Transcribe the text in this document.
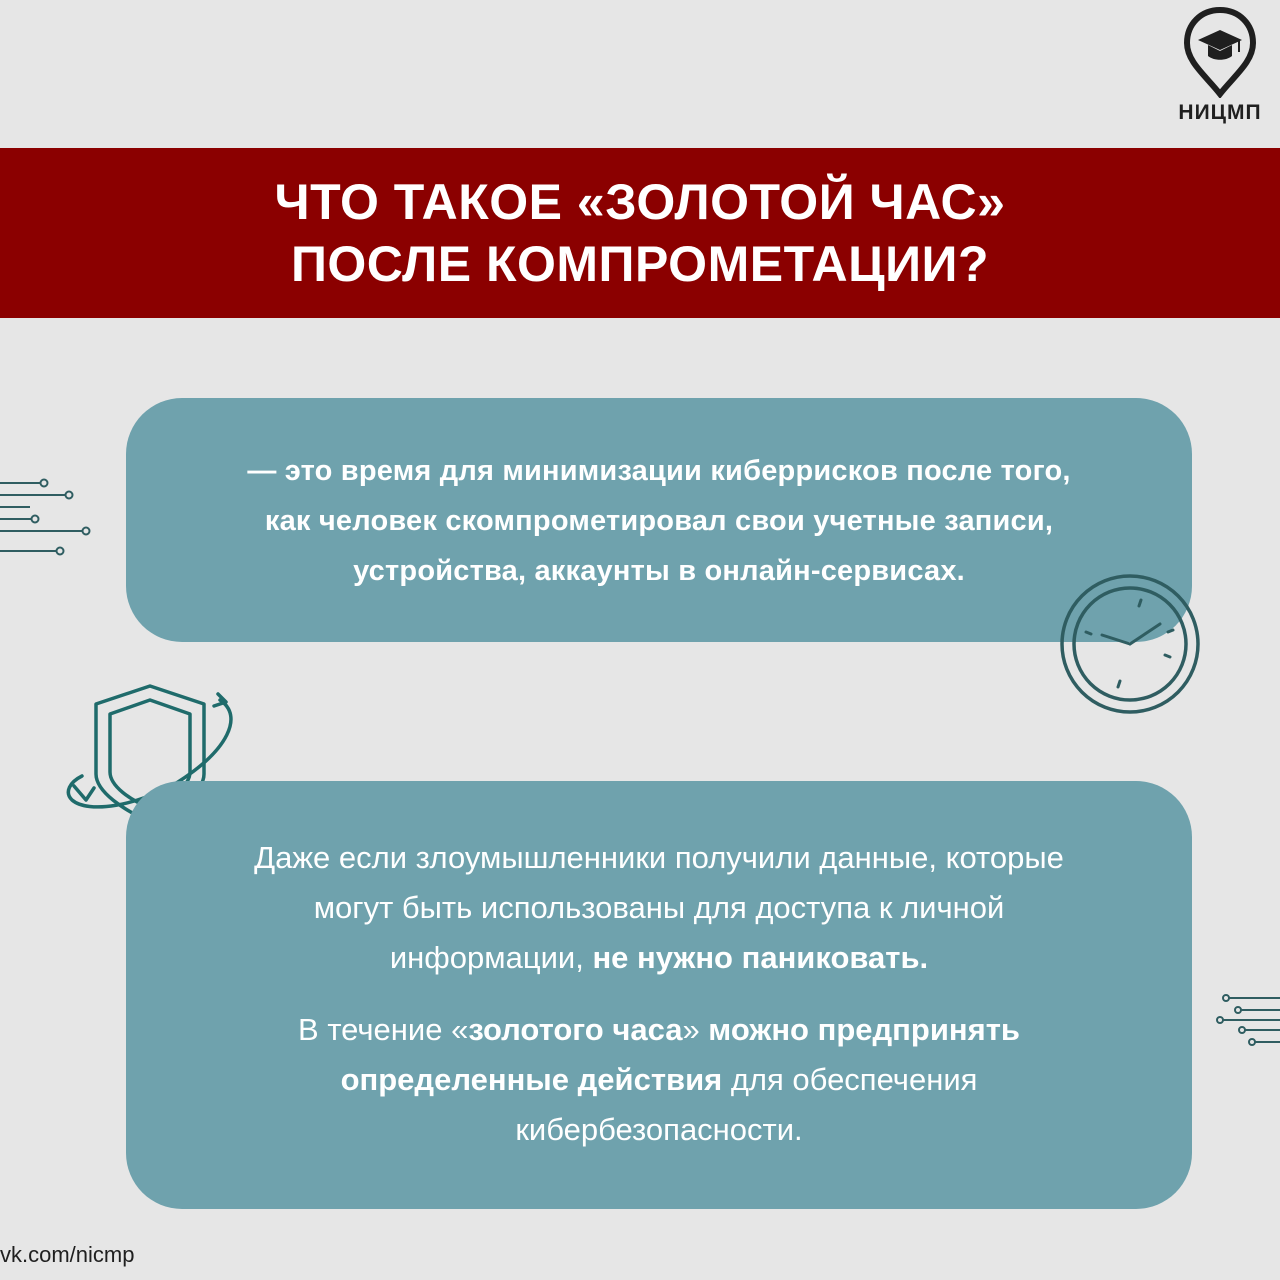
НИЦМП
ЧТО ТАКОЕ «ЗОЛОТОЙ ЧАС»
ПОСЛЕ КОМПРОМЕТАЦИИ?
— это время для минимизации киберрисков после того,
как человек скомпрометировал свои учетные записи,
устройства, аккаунты в онлайн-сервисах.

Даже если злоумышленники получили данные, которые
могут быть использованы для доступа к личной
информации, не нужно паниковать.

В течение «золотого часа» можно предпринять
определенные действия для обеспечения
кибербезопасности.

vk.com/nicmp
